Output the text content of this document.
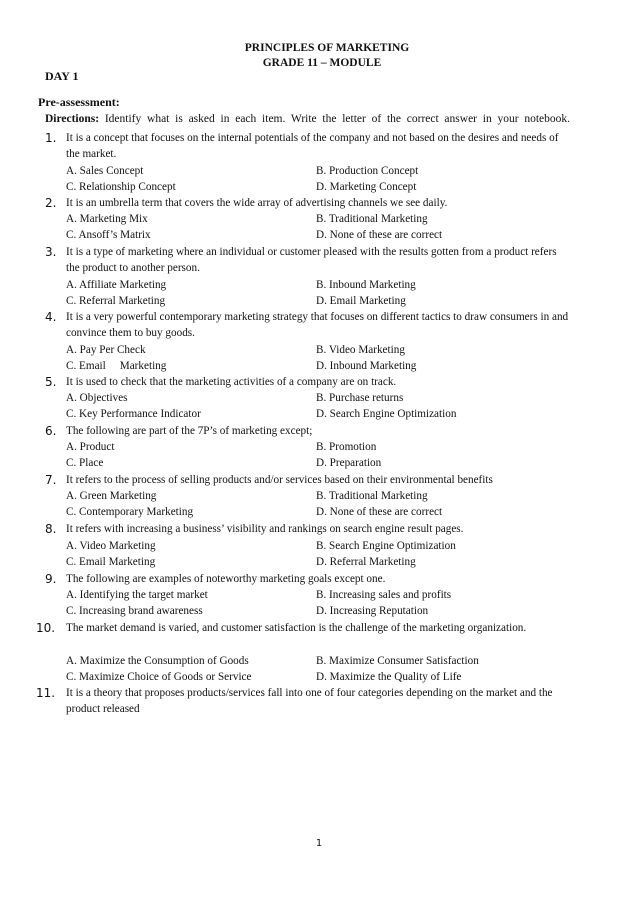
PRINCIPLES OF MARKETING
GRADE 11 – MODULE
DAY 1
Pre-assessment:
Directions: Identify what is asked in each item. Write the letter of the correct answer in your notebook.
1. It is a concept that focuses on the internal potentials of the company and not based on the desires and needs of the market.
A. Sales Concept	B. Production Concept
C. Relationship Concept	D. Marketing Concept
2. It is an umbrella term that covers the wide array of advertising channels we see daily.
A. Marketing Mix	B. Traditional Marketing
C. Ansoff’s Matrix	D. None of these are correct
3. It is a type of marketing where an individual or customer pleased with the results gotten from a product refers the product to another person.
A. Affiliate Marketing	B. Inbound Marketing
C. Referral Marketing	D. Email Marketing
4. It is a very powerful contemporary marketing strategy that focuses on different tactics to draw consumers in and convince them to buy goods.
A. Pay Per Check	B. Video Marketing
C. Email     Marketing	D. Inbound Marketing
5. It is used to check that the marketing activities of a company are on track.
A. Objectives	B. Purchase returns
C. Key Performance Indicator	D. Search Engine Optimization
6. The following are part of the 7P’s of marketing except;
A. Product	B. Promotion
C. Place	D. Preparation
7. It refers to the process of selling products and/or services based on their environmental benefits
A. Green Marketing	B. Traditional Marketing
C. Contemporary Marketing	D. None of these are correct
8. It refers with increasing a business’ visibility and rankings on search engine result pages.
A. Video Marketing	B. Search Engine Optimization
C. Email Marketing	D. Referral Marketing
9. The following are examples of noteworthy marketing goals except one.
A. Identifying the target market	B. Increasing sales and profits
C. Increasing brand awareness	D. Increasing Reputation
10. The market demand is varied, and customer satisfaction is the challenge of the marketing organization.
A. Maximize the Consumption of Goods	B. Maximize Consumer Satisfaction
C. Maximize Choice of Goods or Service	D. Maximize the Quality of Life
11. It is a theory that proposes products/services fall into one of four categories depending on the market and the product released
1
